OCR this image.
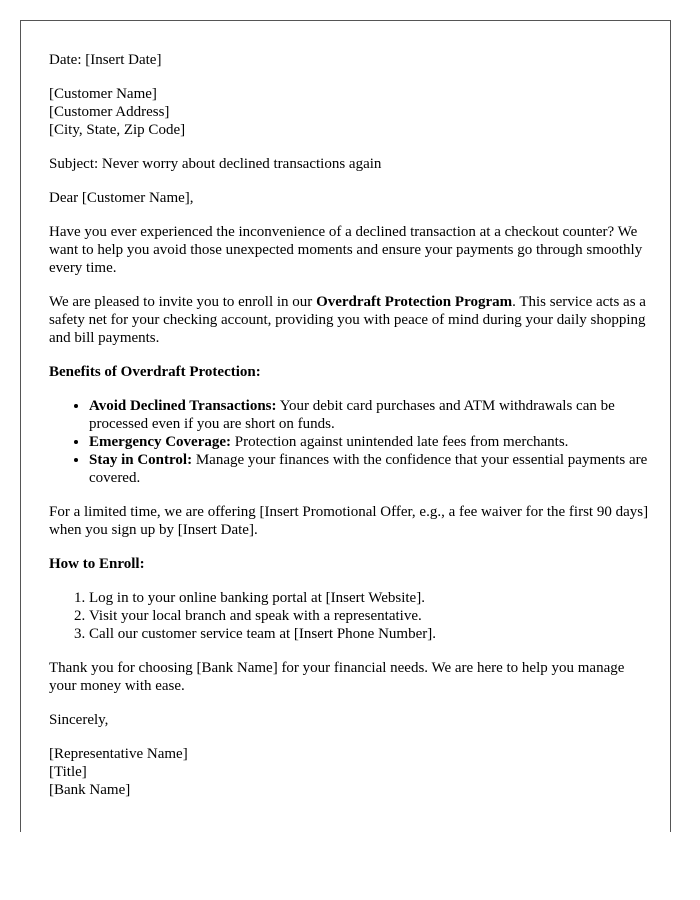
Date: [Insert Date]

[Customer Name]
[Customer Address]
[City, State, Zip Code]

Subject: Never worry about declined transactions again

Dear [Customer Name],

Have you ever experienced the inconvenience of a declined transaction at a checkout counter? We want to help you avoid those unexpected moments and ensure your payments go through smoothly every time.

We are pleased to invite you to enroll in our Overdraft Protection Program. This service acts as a safety net for your checking account, providing you with peace of mind during your daily shopping and bill payments.

Benefits of Overdraft Protection:

• Avoid Declined Transactions: Your debit card purchases and ATM withdrawals can be processed even if you are short on funds.
• Emergency Coverage: Protection against unintended late fees from merchants.
• Stay in Control: Manage your finances with the confidence that your essential payments are covered.

For a limited time, we are offering [Insert Promotional Offer, e.g., a fee waiver for the first 90 days] when you sign up by [Insert Date].

How to Enroll:

1. Log in to your online banking portal at [Insert Website].
2. Visit your local branch and speak with a representative.
3. Call our customer service team at [Insert Phone Number].

Thank you for choosing [Bank Name] for your financial needs. We are here to help you manage your money with ease.

Sincerely,

[Representative Name]
[Title]
[Bank Name]
